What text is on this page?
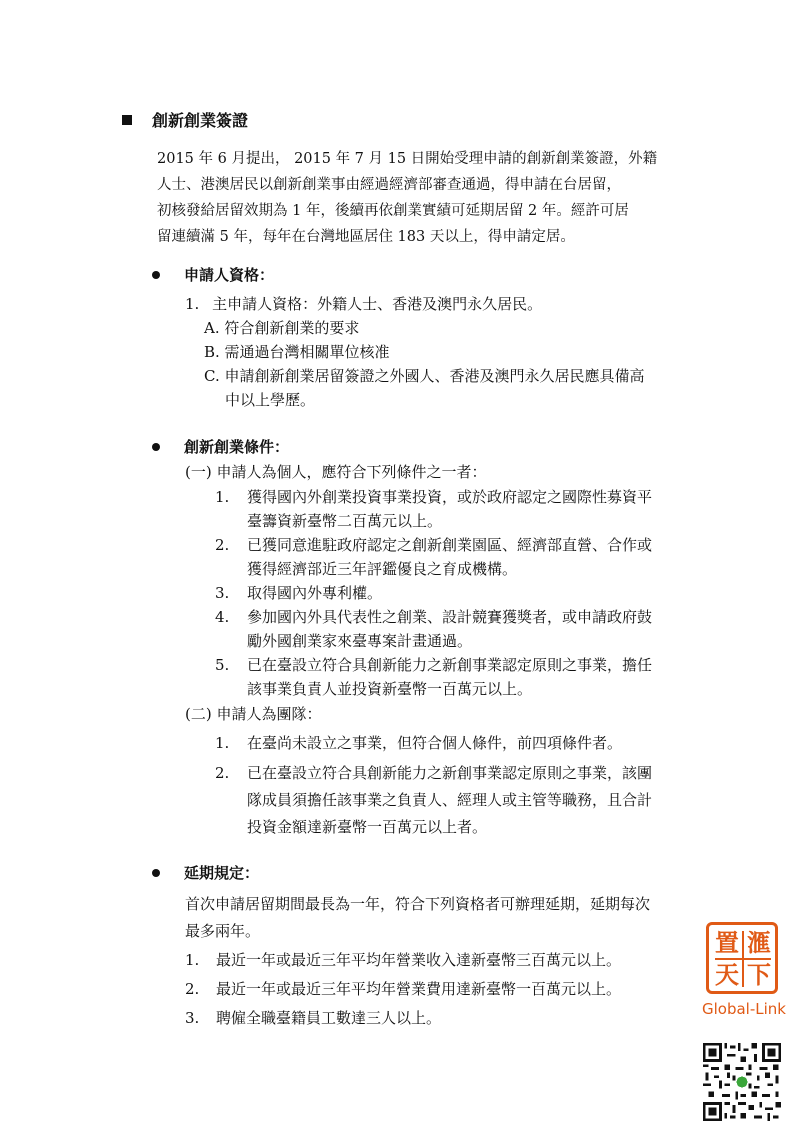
創新創業簽證
2015 年 6 月提出， 2015 年 7 月 15 日開始受理申請的創新創業簽證，外籍
人士、港澳居民以創新創業事由經過經濟部審查通過，得申請在台居留，
初核發給居留效期為 1 年，後續再依創業實績可延期居留 2 年。經許可居
留連續滿 5 年，每年在台灣地區居住 183 天以上，得申請定居。
申請人資格：
1. 主申請人資格：外籍人士、香港及澳門永久居民。
A. 符合創新創業的要求
B. 需通過台灣相關單位核准
C. 申請創新創業居留簽證之外國人、香港及澳門永久居民應具備高
中以上學歷。
創新創業條件：
(一) 申請人為個人，應符合下列條件之一者：
1. 獲得國內外創業投資事業投資，或於政府認定之國際性募資平
臺籌資新臺幣二百萬元以上。
2. 已獲同意進駐政府認定之創新創業園區、經濟部直營、合作或
獲得經濟部近三年評鑑優良之育成機構。
3. 取得國內外專利權。
4. 參加國內外具代表性之創業、設計競賽獲獎者，或申請政府鼓
勵外國創業家來臺專案計畫通過。
5. 已在臺設立符合具創新能力之新創事業認定原則之事業，擔任
該事業負責人並投資新臺幣一百萬元以上。
(二) 申請人為團隊：
1. 在臺尚未設立之事業，但符合個人條件，前四項條件者。
2. 已在臺設立符合具創新能力之新創事業認定原則之事業，該團
隊成員須擔任該事業之負責人、經理人或主管等職務，且合計
投資金額達新臺幣一百萬元以上者。
延期規定：
首次申請居留期間最長為一年，符合下列資格者可辦理延期，延期每次
最多兩年。
1. 最近一年或最近三年平均年營業收入達新臺幣三百萬元以上。
2. 最近一年或最近三年平均年營業費用達新臺幣一百萬元以上。
3. 聘僱全職臺籍員工數達三人以上。
滙
置
天 下
Global-Link
